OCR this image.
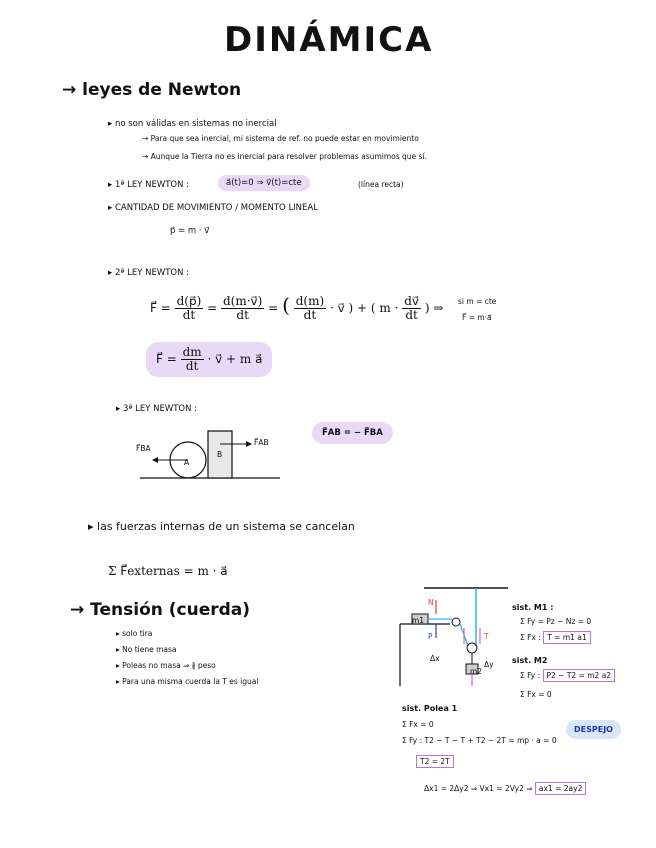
DINÁMICA
→ leyes de Newton
▸ no son válidas en sistemas no inercial
→ Para que sea inercial, mi sistema de ref. no puede estar en movimiento
→ Aunque la Tierra no es inercial para resolver problemas asumimos que sí.
▸ 1ª LEY NEWTON :	a⃗(t)=0 ⇒ v⃗(t)=cte	(línea recta)
▸ CANTIDAD DE MOVIMIENTO / MOMENTO LINEAL
p⃗ = m · v⃗
▸ 2ª LEY NEWTON :
F⃗ = $\frac{d(p⃗)}{dt} = \frac{d(m\cdot v⃗)}{dt}$ = ( $\frac{d(m)}{dt}$ · v⃗ ) + ( $m \cdot \frac{dv⃗}{dt}$ ) ⇒ si m = cte
F⃗ = m·a⃗
F⃗ = $\frac{dm}{dt}$ · v⃗ + m a⃗
▸ 3ª LEY NEWTON :
F⃗BA
F⃗AB
A
B
F⃗AB = − F⃗BA
▸ las fuerzas internas de un sistema se cancelan
Σ F⃗externas = m · a⃗
→ Tensión (cuerda)
▸ solo tira
▸ No tiene masa
▸ Poleas no masa ⇒ ∦ peso
▸ Para una misma cuerda la T es igual
m1
m2
T
N
P
Δx
Δy
sist. M1 :
Σ Fy = Pz − Nz = 0
Σ Fx : T = m1 a1
sist. M2
Σ Fy : P2 − T2 = m2 a2
Σ Fx = 0
sist. Polea 1
Σ Fx = 0
Σ Fy : T2 − T − T + T2 − 2T = mp · a = 0
DESPEJO
T2 = 2T
Δx1 = 2Δy2 ⇒ Vx1 = 2Vy2 ⇒ ax1 = 2ay2
